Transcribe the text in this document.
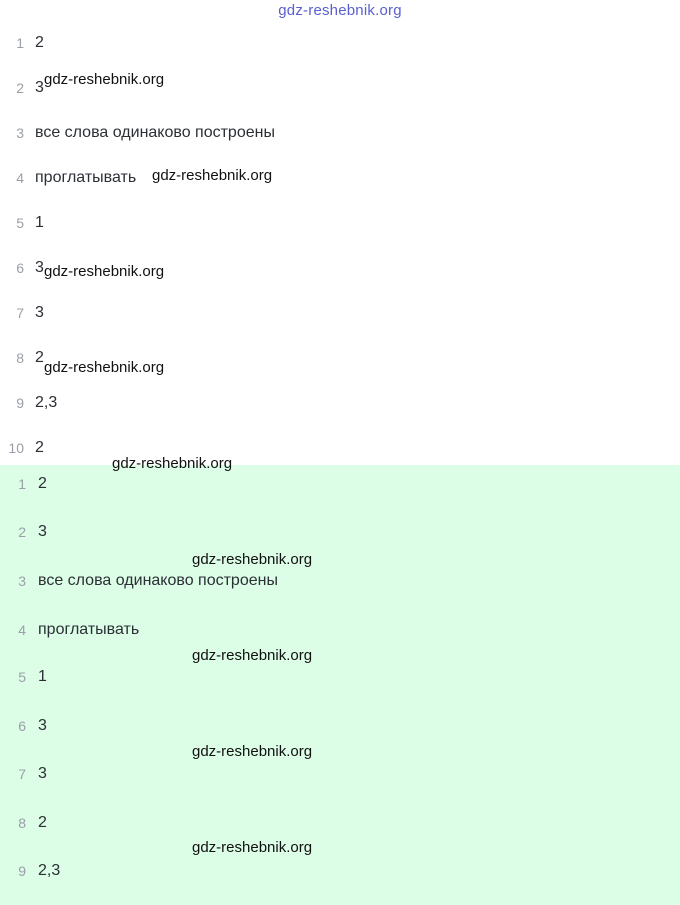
gdz-reshebnik.org
1 2
2 3
3 все слова одинаково построены
4 проглатывать
5 1
6 3
7 3
8 2
9 2,3
10 2
1 2
2 3
3 все слова одинаково построены
4 проглатывать
5 1
6 3
7 3
8 2
9 2,3
gdz-reshebnik.org
gdz-reshebnik.org
gdz-reshebnik.org
gdz-reshebnik.org
gdz-reshebnik.org
gdz-reshebnik.org
gdz-reshebnik.org
gdz-reshebnik.org
gdz-reshebnik.org
